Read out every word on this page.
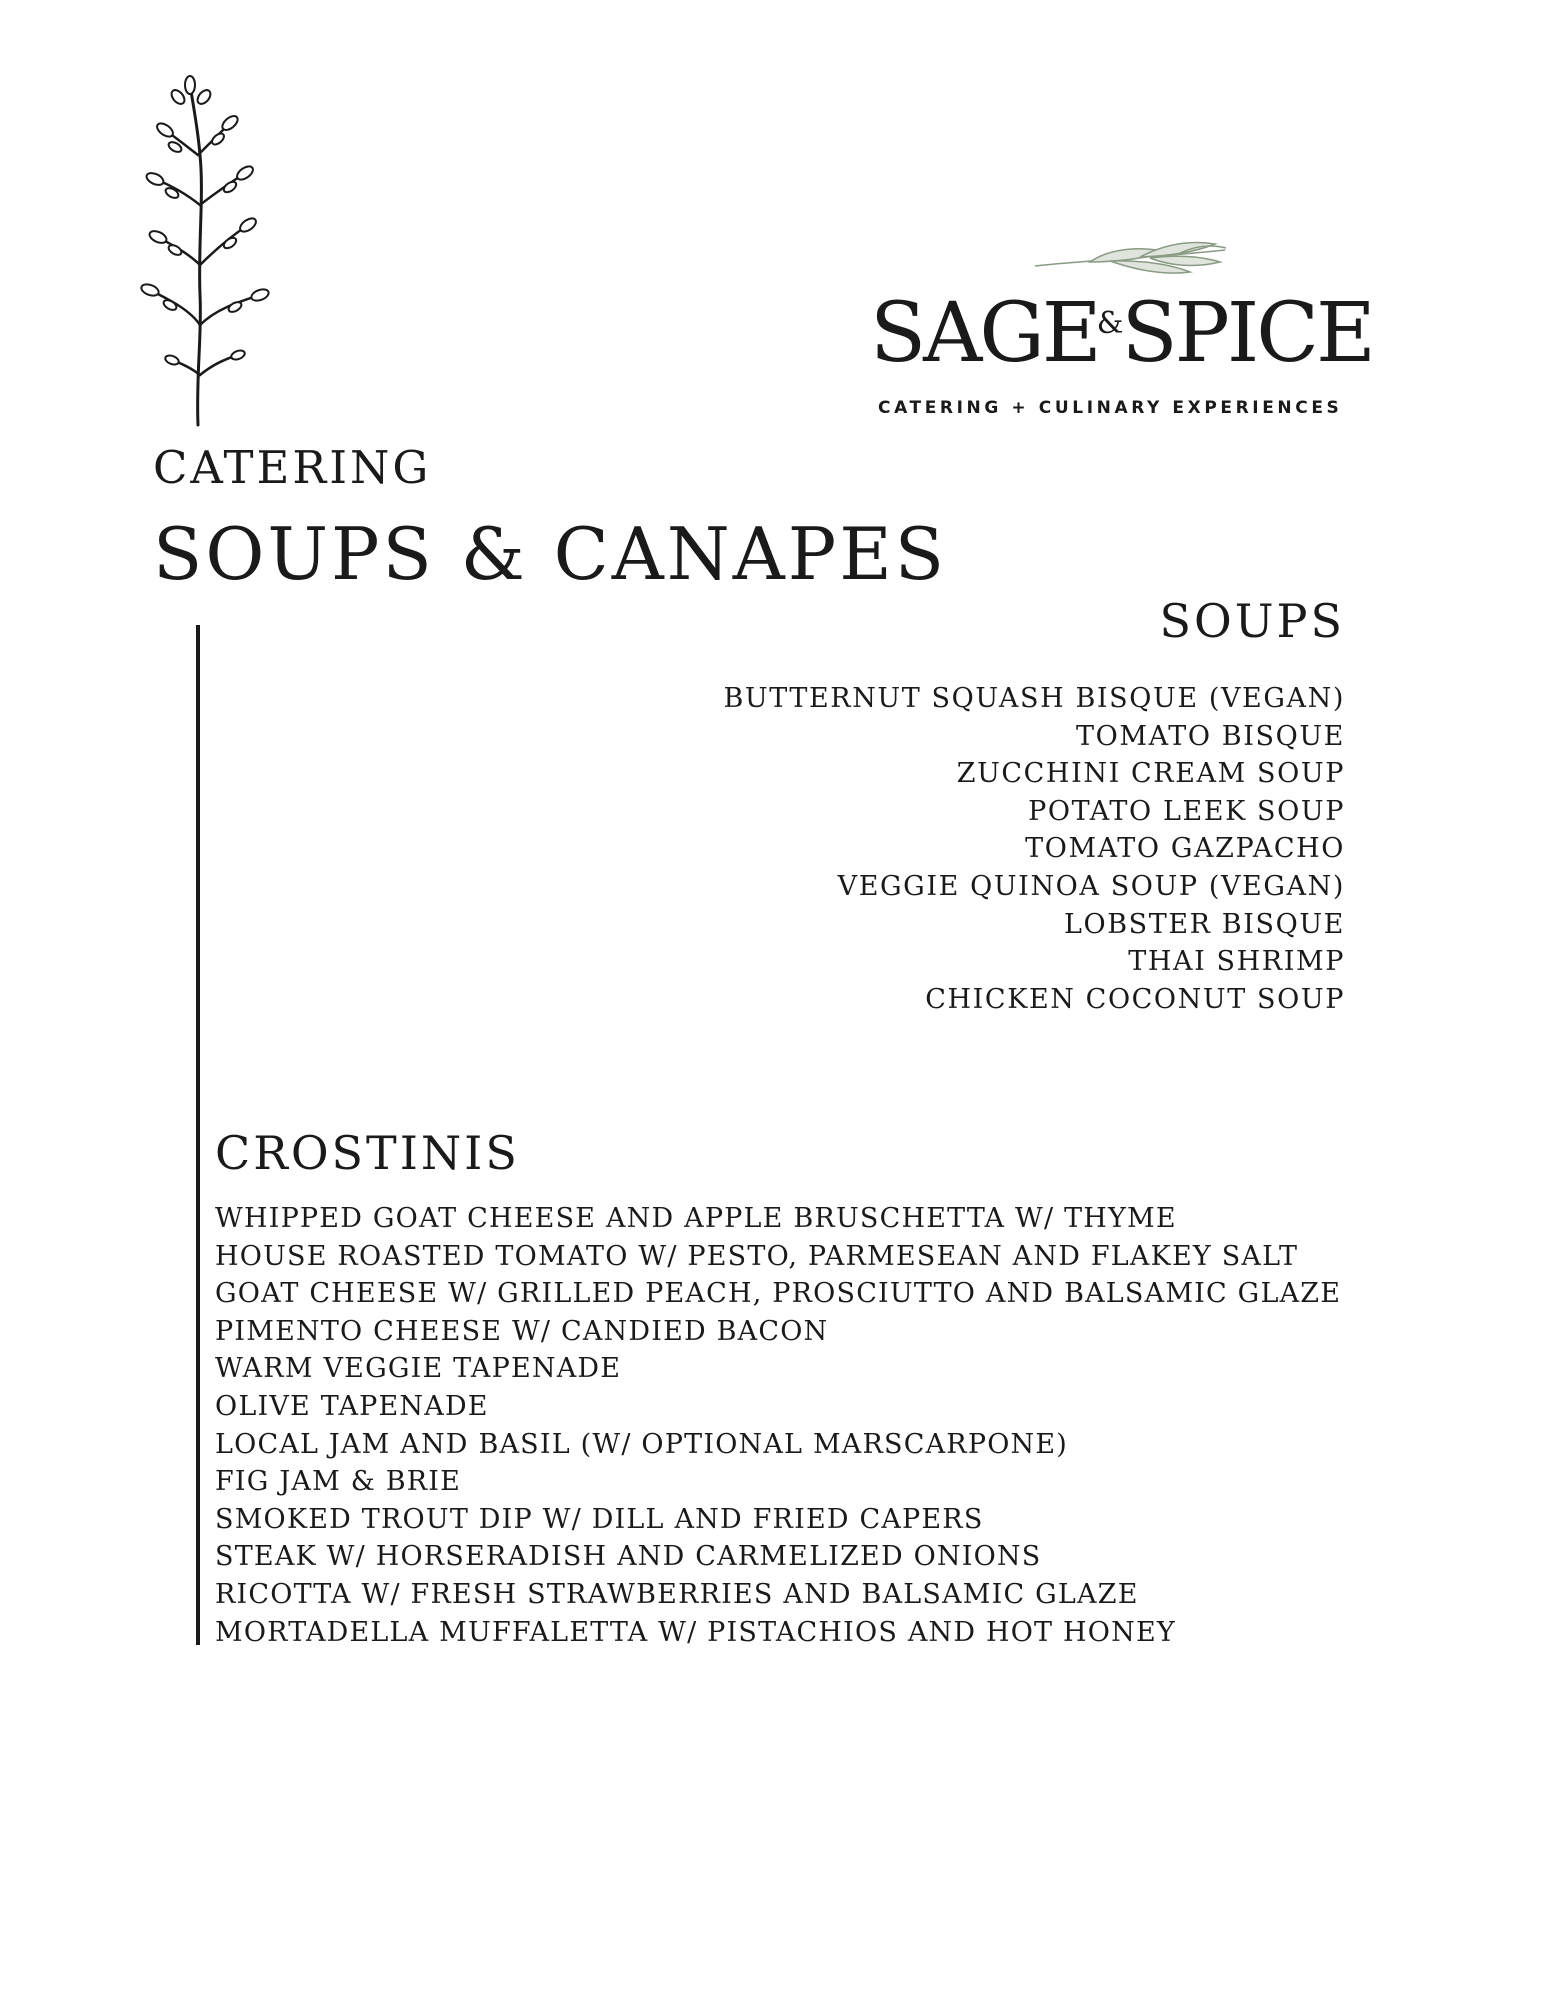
SAGE&SPICE
CATERING + CULINARY EXPERIENCES
CATERING
SOUPS & CANAPES
SOUPS
BUTTERNUT SQUASH BISQUE (VEGAN)
TOMATO BISQUE
ZUCCHINI CREAM SOUP
POTATO LEEK SOUP
TOMATO GAZPACHO
VEGGIE QUINOA SOUP (VEGAN)
LOBSTER BISQUE
THAI SHRIMP
CHICKEN COCONUT SOUP
CROSTINIS
WHIPPED GOAT CHEESE AND APPLE BRUSCHETTA W/ THYME
HOUSE ROASTED TOMATO W/ PESTO, PARMESEAN AND FLAKEY SALT
GOAT CHEESE W/ GRILLED PEACH, PROSCIUTTO AND BALSAMIC GLAZE
PIMENTO CHEESE W/ CANDIED BACON
WARM VEGGIE TAPENADE
OLIVE TAPENADE
LOCAL JAM AND BASIL (W/ OPTIONAL MARSCARPONE)
FIG JAM & BRIE
SMOKED TROUT DIP W/ DILL AND FRIED CAPERS
STEAK W/ HORSERADISH AND CARMELIZED ONIONS
RICOTTA W/ FRESH STRAWBERRIES AND BALSAMIC GLAZE
MORTADELLA MUFFALETTA W/ PISTACHIOS AND HOT HONEY
